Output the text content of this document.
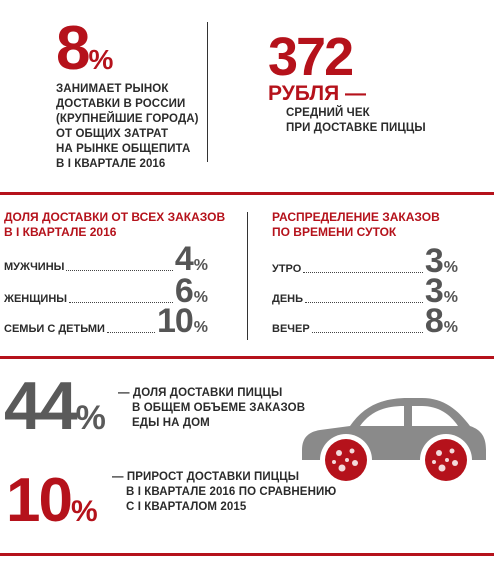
8%
ЗАНИМАЕТ РЫНОК
ДОСТАВКИ В РОССИИ
(КРУПНЕЙШИЕ ГОРОДА)
ОТ ОБЩИХ ЗАТРАТ
НА РЫНКЕ ОБЩЕПИТА
В I КВАРТАЛЕ 2016
372
РУБЛЯ —
СРЕДНИЙ ЧЕК
ПРИ ДОСТАВКЕ ПИЦЦЫ
ДОЛЯ ДОСТАВКИ ОТ ВСЕХ ЗАКАЗОВ
В I КВАРТАЛЕ 2016
МУЖЧИНЫ	4 %
ЖЕНЩИНЫ	6 %
СЕМЬИ С ДЕТЬМИ 10 %
РАСПРЕДЕЛЕНИЕ ЗАКАЗОВ
ПО ВРЕМЕНИ СУТОК
УТРО	3 %
ДЕНЬ	3 %
ВЕЧЕР	8 %
44%
— ДОЛЯ ДОСТАВКИ ПИЦЦЫ
В ОБЩЕМ ОБЪЕМЕ ЗАКАЗОВ
ЕДЫ НА ДОМ
10%
— ПРИРОСТ ДОСТАВКИ ПИЦЦЫ
В I КВАРТАЛЕ 2016 ПО СРАВНЕНИЮ
С I КВАРТАЛОМ 2015
